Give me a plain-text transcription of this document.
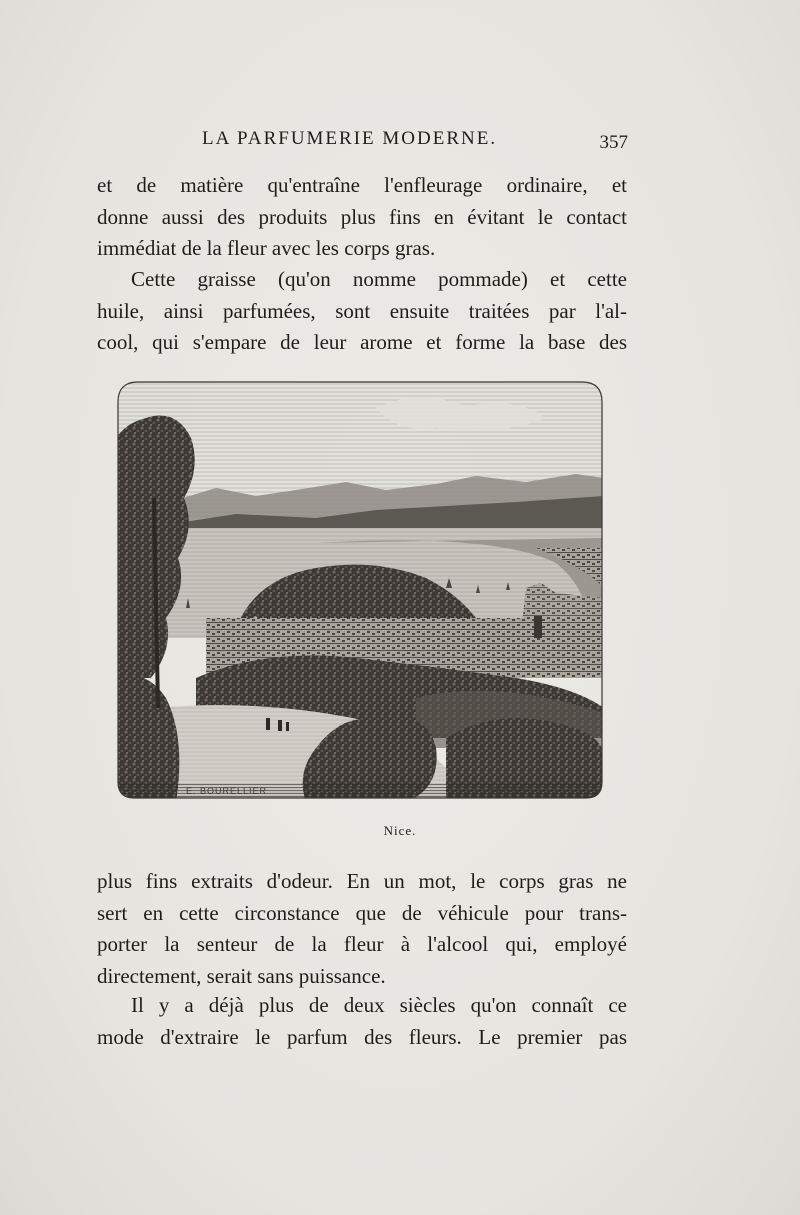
LA PARFUMERIE MODERNE.	357
et de matière qu'entraîne l'enfleurage ordinaire, et
donne aussi des produits plus fins en évitant le contact
immédiat de la fleur avec les corps gras.
Cette graisse (qu'on nomme pommade) et cette
huile, ainsi parfumées, sont ensuite traitées par l'al-
cool, qui s'empare de leur arome et forme la base des
E. BOURELLIER	GABRY
Nice.
plus fins extraits d'odeur. En un mot, le corps gras ne
sert en cette circonstance que de véhicule pour trans-
porter la senteur de la fleur à l'alcool qui, employé
directement, serait sans puissance.
Il y a déjà plus de deux siècles qu'on connaît ce
mode d'extraire le parfum des fleurs. Le premier pas
